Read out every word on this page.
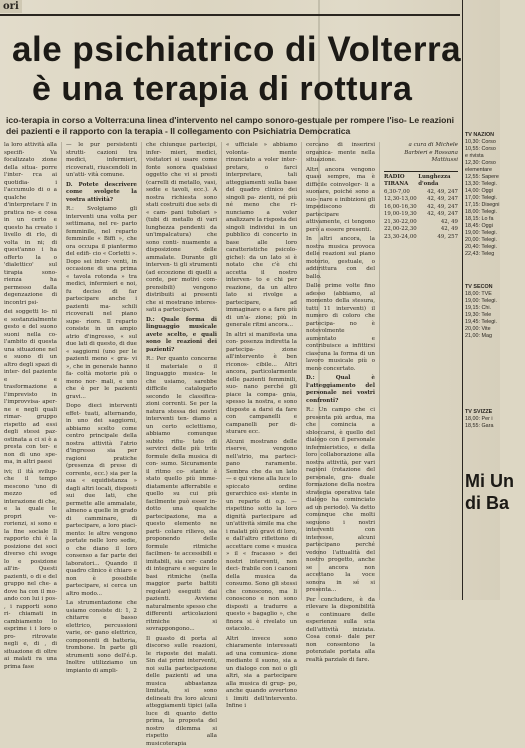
ori
ale psichiatrico di Volterra
è una terapia di rottura
ico-terapia in corso a Volterra:una linea d'intervento nel campo sonoro-gestuale per rompere l'iso- Le reazioni dei pazienti e il rapporto con la terapia - Il collegamento con Psichiatria Democratica

la loro attività alla specifi- Va focalizzato zione della situa- porre l'inter- rca ai quotidia- i l'accumulo di o a qualche d'interpretare l' in pratica no- e cosa in un certo e questo ha creato i livello di rlo, di volta in ni; di quest'anno i ha offerto la o 'dialettico' sul tirapia sono- rienza ha permesso dalla degenzazione di incontri psi-

dei soggetti lo- ni e sostanzialmente gesto e del suono suoni nella co- l'ambito di questa una situazione nel e suono di un altro degli spazi di inter- del paziente e e trasformazione a l'imprevisto in l'improvvisa- aper- ne e negli quali rimar- gruppo rispetto ad essi degli stessi paz- ostinata a ci si è a presta con ter- e non di uno spe- ma, in altri paesi

ivi; il ità svilup- che il tempo mescono 'uno di mezzo ed interazione di che, e la quale le propri ve- rorienzi, si sono e la fine sociale Il rapporto chi è la posizione dei soci diverso chi svoge lo e posizione all'in- Questi pazienti, o di e del gruppo nel che- a dove ha con il mo- ando con lui i pos- , i rapporti sono ri- chiamati in cambiamento lo esprime i i loro o pro- ritrovate negli e, di , di situazione di oltre ai malati ra una prima fase

— le pur persistenti strutti- cazioni tra medici, infermieri, ricoverati, riuscendoli in un'atti- vità comune.

D. Potete descrivere come svolgete la vostra attività?

R.: Svolgiamo gli interventi una volta per settimana, nel re- parto femminile, nel reparto femminile « Biffi », che ora occupa il piantermo del edifi- cio « Corletti ». Dopo sei inter- venti, in occasione di una prima « tavola rotonda » tra medici, infermieri e noi, fu deciso di far partecipare anche i pazienti ma- schili ricoverati nel piano supe- riore. Il reparto consiste in un ampio atrio d'ingresso, « sul due lati di questo, di due « saggiorni (uno per le pazienti meno « gra- vi », che in generale hanno fa- coltà motorie più o meno nor- mali, e uno che è per le pazienti gravi...

Dopo dieci interventi effet- tuati, alternando, in uno dei saggiorni, abbiamo scelto come centro principale della nostra attività l'atrio d'ingresso sia per ragioni pratiche (presenza di prese di corrente, ecc.) sia per la sua « equidistanza » dagli altri locali, disposti sui due lati, che permette alle ammalate, almeno a quelle in grado di camminare, di partecipare, a loro piaci- mento: le altre vengono portate nelle loro sedie, o che diano il loro consenso a far parte dei laboratori... Quando il quadro clinico è chiaro e non è possibile partecipare, si cerca un altro modo...

La strumentazione che usiamo consiste di: 1, 2 chitarre e basso elettrico, percussioni varie, or- gano elettrico, componenti di batteria, trombone. In parte gli strumenti sono dell'é.p. Inoltre utilizziamo un impianto di ampli-

che chiunque partecipi, infer- mieri, medici, visitatori si usare come fonte sonora qualsiasi oggetto che vi si presti (carrelli di metallo, vasi, sedie e tavoli, ecc.). A nostra richiesta sono stati costruiti due sets di « cam- pani tubolari » (tubi di metallo di vari lunghezza pendenti da un'impalcatura) che sono conti- nuamente a disposizione delle ammalate. Durante gli interven- ti gli strumenti (ad eccezione di quelli a corde, per motivi com- prensibili) vengono distribuiti ai presenti che si mostrano interes- sati a parteciparvi.

D.: Quale forma di linguaggio musicale avete scelto, e quali sono le reazioni dei pazienti?

R.: Per quanto concerne il materiale o il linguaggio musica- le che usiamo, sarebbe difficile catalogarlo secondo le classifica- zioni correnti. Se per la natura stessa dei nostri interventi ten- diamo a un certo eclettismo, abbiamo comunque subito rifiu- tato di servirci delle più trite formule della musica di con- sumo. Sicuramente il ritmo co- stante è stato quello più imme- diatamente afferrabile e quello su cui più facilmente può esser in- dotto una qualche partecipazione, ma a questo elemento ne parti- colare rilievo, sia proponendo delle formule ritmiche facilmen- te accessibili e imitabili, sia cer- cando di integrare e seguire le basi ritmiche (nella maggior parte battiti regolari) eseguiti dai pazienti. Avviene naturalmente spesso che differenti articolazioni ritmiche si sovrappongono...

Il guasto di porta al discorso sulle reazioni, le risposte dei malati. Sin dai primi interventi, noi sulla partecipazione delle pazienti ad una musica abbastanza limitata, si sono delineati fra loro alcuni atteggiamenti tipici (alla luce di quanto detto prima, la proposta del nostro dilemma si rispetto alla musicoterapia

« ufficiale » abbiamo volonta- mente rinunciato a voler inter- pretare, o farci interpretare, tali atteggiamenti sulla base del quadro clinico dei singoli pa- zienti, né più né meno che ri- nunciamo a voler analizzare la risposta dei singoli individui in un pubblico di concerto in base alle loro caratteristiche psicolo- giche): da un lato si è notato che c'è chi accetta il nostro interven- to e chi per reazione, da un altro lato si rivolge a partecipare, ad immaginare o a fare più di un'a- zione; più in generale ritmi ancora...

In altri si manifesta una con- posenza indiretta la partecipa- zione all'intervento è ben riconos- cibile... Altri ancora, particolarmente delle pazienti femminili, suo- nano perché gli piace la compa- gnia, spesso la nostra, e sono disposte a darsi da fare con campanelli e campanelli per di- sturare ecc.

Alcuni mostrano delle riserve, vengono nell'atrio, ma parteci- pano raramente. Sembra che da un lato — e qui viene alla luce lo spiccato ordine gerarchico esi- stente in un reparto di o.p. — rispettino sotto la loro dignità partecipare ad un'attività simile ma che i malati più gravi di loro, e dall'altro riflettono di accettare come « musica » il « fracasso » dei nostri interventi, non deci- frabile con i canoni della musica da consumo. Sono gli stessi che conoscono, ma li conoscono e non sono disposti a tradurre a questo « bagaglio », che finora si è rivelato un ostacolo...

Altri invece sono chiaramente interessati ad una comunica- zione mediante il suono, sia a un dialogo con noi o gli altri, sia a partecipare alla musica di grup- po, anche quando avvertono i limiti dell'intervento. Infine i

cercano di inserirsi organica- mente nella situazione.

Altri ancora vengono quasi sempre, ma è difficile coinvolger- li a suonare, poiché sono a suo- nare e inibizioni gli impediscono di partecipare attivamente, ci tengono però a essere presenti.

In altri ancora, la nostra musica provoca delle reazioni sul piano motorio, gestuale, o addirittura con del ballo.

Dalle prime volte fino adesso (abbiamo, al momento della stesura, tutti 11 interventi) il numero di coloro che partecipa- no è notevolmente aumentato e contribuisce a infittirsi ciascuna la forma di un lavoro musicale più o meno concertato.

D.: Qual è l'atteggiamento del personale nei vostri confronti?

R.: Un campo che ci presenta più ardua, ma che comincia a sbloccarsi, è quello del dialogo con il personale infermieristico, e della loro collaborazione alla nostra attività, per vari ragioni (rotazione del personale, gra- duale formazione della nostra strategia operativa tale dialogo ha cominciato ad un periodo). Va detto comunque che molti seguono i nostri interventi con interesse, alcuni partecipano perché vedono l'attualità del nostro progetto, anche se ancora non accettano la voce sonora in sé si presenta...

Per concludere, è da rilevare la disponibilità e continuare delle esperienze sulla scia dell'attività iniziata. Cosa consi- dale per non consentono la potenziale portata alla realtà parziale di fare.

a cura di Michele Barbieri e Rossana Mattiussi

RADIO TIRANA
Lunghezza d'onda
6,30-7,00	42, 49, 247
12,30-13,00 42, 49, 247
16,00-16,30 42, 49, 247
19,00-19,30 42, 49, 247
21,30-22,00	42, 49
22,00-22,30	42, 49
23,30-24,00	49, 257
TV NAZION
10,30: Corso
10,55: Corso
e rivista
12,30: Corso
elementare
12,55: Sapere
13,30: Telegi.
14,00: Oggi
17,00: Telegi.
17,15: Disegni
18,00: Telegi.
18,15: Lo fa
18,45: Oggi
19,00: Telegi.
20,00: Telegi.
20,40: Telegi.
22,43: Teleg
TV SECON
18,00: TVE
19,00: Telegi.
19,15: Chi.
19,30: Tele
19,45: Telegi.
20,00: Vite
21,00: Mag
TV SVIZZE
18,00: Per i
18,55: Gara
Mi Un di Ba
